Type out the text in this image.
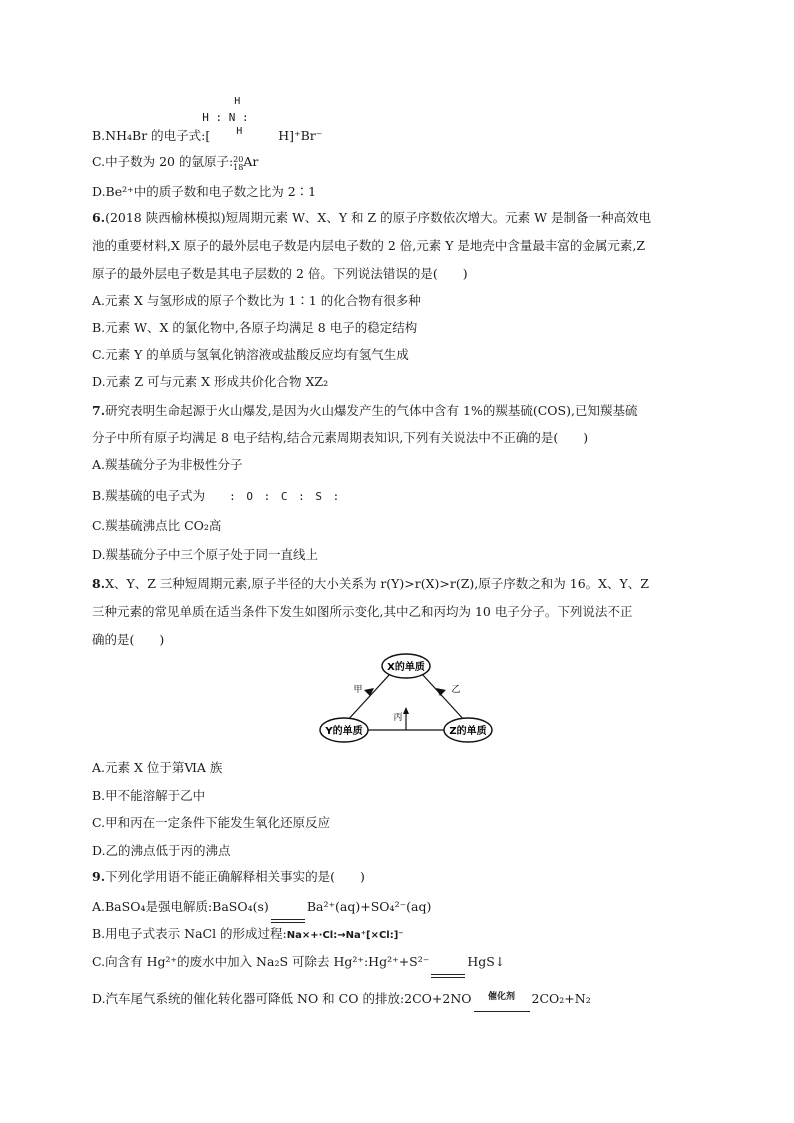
B.NH₄Br 的电子式:[
H
H : N :
H	H]⁺Br⁻
C.中子数为 20 的氩原子:20
18Ar
D.Be²⁺中的质子数和电子数之比为 2∶1
6.(2018 陕西榆林模拟)短周期元素 W、X、Y 和 Z 的原子序数依次增大。元素 W 是制备一种高效电
池的重要材料,X 原子的最外层电子数是内层电子数的 2 倍,元素 Y 是地壳中含量最丰富的金属元素,Z
原子的最外层电子数是其电子层数的 2 倍。下列说法错误的是(　　)
A.元素 X 与氢形成的原子个数比为 1∶1 的化合物有很多种
B.元素 W、X 的氯化物中,各原子均满足 8 电子的稳定结构
C.元素 Y 的单质与氢氧化钠溶液或盐酸反应均有氢气生成
D.元素 Z 可与元素 X 形成共价化合物 XZ₂
7.研究表明生命起源于火山爆发,是因为火山爆发产生的气体中含有 1%的羰基硫(COS),已知羰基硫
分子中所有原子均满足 8 电子结构,结合元素周期表知识,下列有关说法中不正确的是(　　)
A.羰基硫分子为非极性分子
B.羰基硫的电子式为 : O : C : S :
C.羰基硫沸点比 CO₂高
D.羰基硫分子中三个原子处于同一直线上
8.X、Y、Z 三种短周期元素,原子半径的大小关系为 r(Y)>r(X)>r(Z),原子序数之和为 16。X、Y、Z
三种元素的常见单质在适当条件下发生如图所示变化,其中乙和丙均为 10 电子分子。下列说法不正
确的是(　　)
X的单质
Y的单质	Z的单质
甲	乙
丙
A.元素 X 位于第ⅥA 族
B.甲不能溶解于乙中
C.甲和丙在一定条件下能发生氧化还原反应
D.乙的沸点低于丙的沸点
9.下列化学用语不能正确解释相关事实的是(　　)
A.BaSO₄是强电解质:BaSO₄(s)	Ba²⁺(aq)+SO₄²⁻(aq)
B.用电子式表示 NaCl 的形成过程:Na×+·Cl:→Na⁺[×Cl:]⁻
C.向含有 Hg²⁺的废水中加入 Na₂S 可除去 Hg²⁺:Hg²⁺+S²⁻	HgS↓
D.汽车尾气系统的催化转化器可降低 NO 和 CO 的排放:2CO+2NO	催化剂	2CO₂+N₂
